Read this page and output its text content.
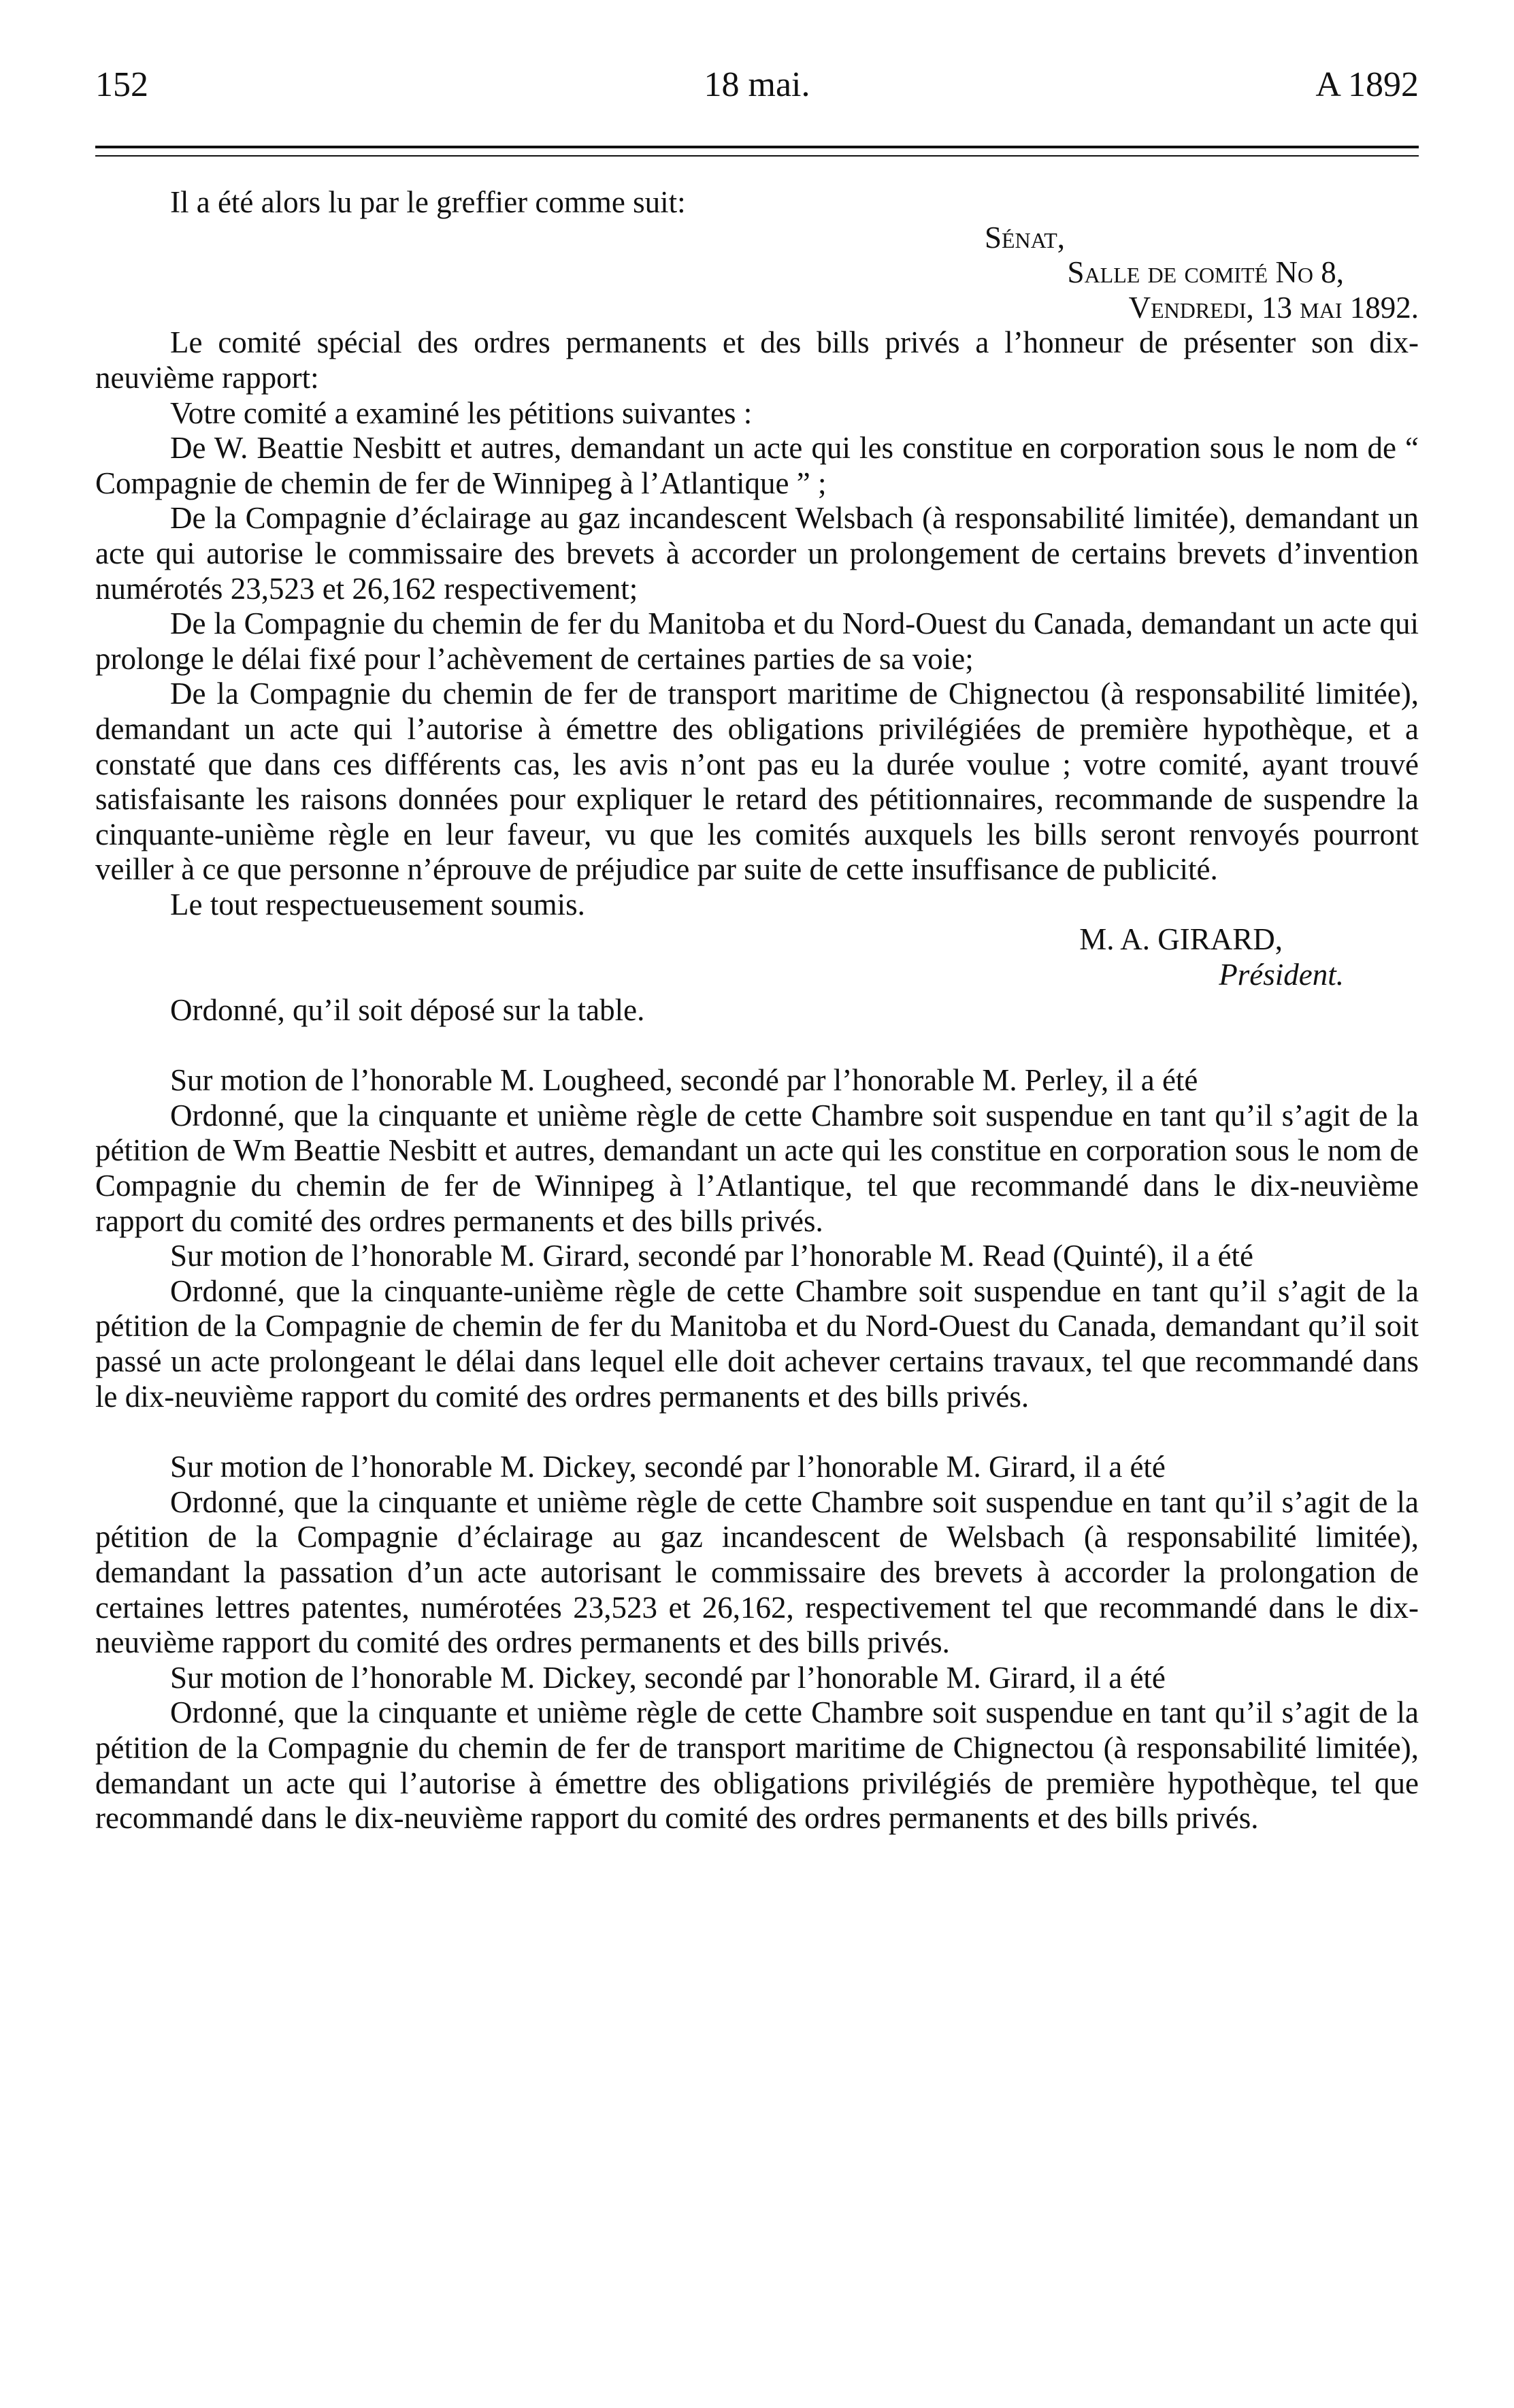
152	18 mai.	A 1892

Il a été alors lu par le greffier comme suit:

Sénat,
Salle de comité No 8,
Vendredi, 13 mai 1892.

Le comité spécial des ordres permanents et des bills privés a l’honneur de présenter son dix-neuvième rapport:

Votre comité a examiné les pétitions suivantes :

De W. Beattie Nesbitt et autres, demandant un acte qui les constitue en corporation sous le nom de “ Compagnie de chemin de fer de Winnipeg à l’Atlantique ” ;

De la Compagnie d’éclairage au gaz incandescent Welsbach (à responsabilité limitée), demandant un acte qui autorise le commissaire des brevets à accorder un prolongement de certains brevets d’invention numérotés 23,523 et 26,162 respectivement;

De la Compagnie du chemin de fer du Manitoba et du Nord-Ouest du Canada, demandant un acte qui prolonge le délai fixé pour l’achèvement de certaines parties de sa voie;

De la Compagnie du chemin de fer de transport maritime de Chignectou (à responsabilité limitée), demandant un acte qui l’autorise à émettre des obligations privilégiées de première hypothèque, et a constaté que dans ces différents cas, les avis n’ont pas eu la durée voulue ; votre comité, ayant trouvé satisfaisante les raisons données pour expliquer le retard des pétitionnaires, recommande de suspendre la cinquante-unième règle en leur faveur, vu que les comités auxquels les bills seront renvoyés pourront veiller à ce que personne n’éprouve de préjudice par suite de cette insuffisance de publicité.

Le tout respectueusement soumis.

M. A. GIRARD,

Président.

Ordonné, qu’il soit déposé sur la table.

Sur motion de l’honorable M. Lougheed, secondé par l’honorable M. Perley, il a été

Ordonné, que la cinquante et unième règle de cette Chambre soit suspendue en tant qu’il s’agit de la pétition de Wm Beattie Nesbitt et autres, demandant un acte qui les constitue en corporation sous le nom de Compagnie du chemin de fer de Winnipeg à l’Atlantique, tel que recommandé dans le dix-neuvième rapport du comité des ordres permanents et des bills privés.

Sur motion de l’honorable M. Girard, secondé par l’honorable M. Read (Quinté), il a été

Ordonné, que la cinquante-unième règle de cette Chambre soit suspendue en tant qu’il s’agit de la pétition de la Compagnie de chemin de fer du Manitoba et du Nord-Ouest du Canada, demandant qu’il soit passé un acte prolongeant le délai dans lequel elle doit achever certains travaux, tel que recommandé dans le dix-neuvième rapport du comité des ordres permanents et des bills privés.

Sur motion de l’honorable M. Dickey, secondé par l’honorable M. Girard, il a été

Ordonné, que la cinquante et unième règle de cette Chambre soit suspendue en tant qu’il s’agit de la pétition de la Compagnie d’éclairage au gaz incandescent de Welsbach (à responsabilité limitée), demandant la passation d’un acte autorisant le commissaire des brevets à accorder la prolongation de certaines lettres patentes, numérotées 23,523 et 26,162, respectivement tel que recommandé dans le dix-neuvième rapport du comité des ordres permanents et des bills privés.

Sur motion de l’honorable M. Dickey, secondé par l’honorable M. Girard, il a été

Ordonné, que la cinquante et unième règle de cette Chambre soit suspendue en tant qu’il s’agit de la pétition de la Compagnie du chemin de fer de transport maritime de Chignectou (à responsabilité limitée), demandant un acte qui l’autorise à émettre des obligations privilégiés de première hypothèque, tel que recommandé dans le dix-neuvième rapport du comité des ordres permanents et des bills privés.
